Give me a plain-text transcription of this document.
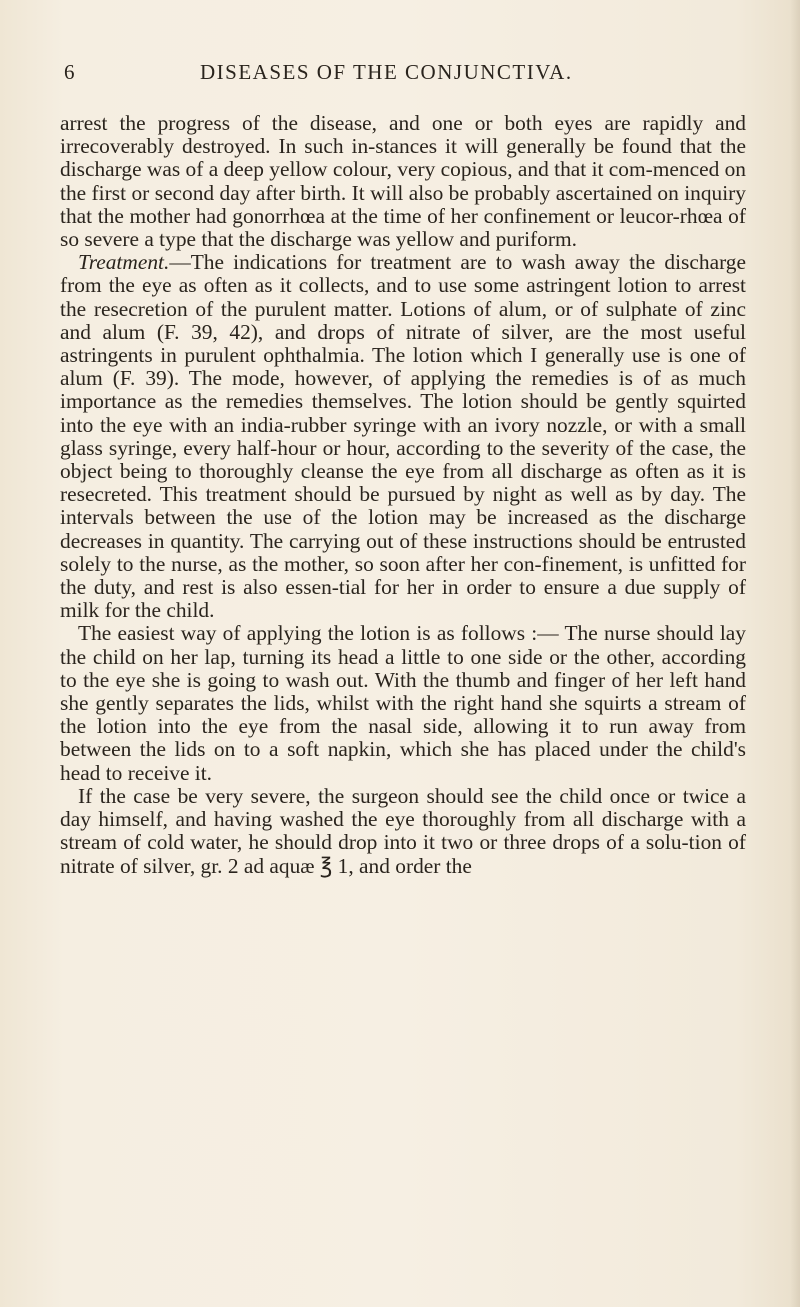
6	DISEASES OF THE CONJUNCTIVA.

arrest the progress of the disease, and one or both eyes are rapidly and irrecoverably destroyed. In such in-stances it will generally be found that the discharge was of a deep yellow colour, very copious, and that it com-menced on the first or second day after birth. It will also be probably ascertained on inquiry that the mother had gonorrhœa at the time of her confinement or leucor-rhœa of so severe a type that the discharge was yellow and puriform.

Treatment.—The indications for treatment are to wash away the discharge from the eye as often as it collects, and to use some astringent lotion to arrest the resecretion of the purulent matter. Lotions of alum, or of sulphate of zinc and alum (F. 39, 42), and drops of nitrate of silver, are the most useful astringents in purulent ophthalmia. The lotion which I generally use is one of alum (F. 39). The mode, however, of applying the remedies is of as much importance as the remedies themselves. The lotion should be gently squirted into the eye with an india-rubber syringe with an ivory nozzle, or with a small glass syringe, every half-hour or hour, according to the severity of the case, the object being to thoroughly cleanse the eye from all discharge as often as it is resecreted. This treatment should be pursued by night as well as by day. The intervals between the use of the lotion may be increased as the discharge decreases in quantity. The carrying out of these instructions should be entrusted solely to the nurse, as the mother, so soon after her con-finement, is unfitted for the duty, and rest is also essen-tial for her in order to ensure a due supply of milk for the child.

The easiest way of applying the lotion is as follows :— The nurse should lay the child on her lap, turning its head a little to one side or the other, according to the eye she is going to wash out. With the thumb and finger of her left hand she gently separates the lids, whilst with the right hand she squirts a stream of the lotion into the eye from the nasal side, allowing it to run away from between the lids on to a soft napkin, which she has placed under the child's head to receive it.

If the case be very severe, the surgeon should see the child once or twice a day himself, and having washed the eye thoroughly from all discharge with a stream of cold water, he should drop into it two or three drops of a solu-tion of nitrate of silver, gr. 2 ad aquæ ℥ 1, and order the
